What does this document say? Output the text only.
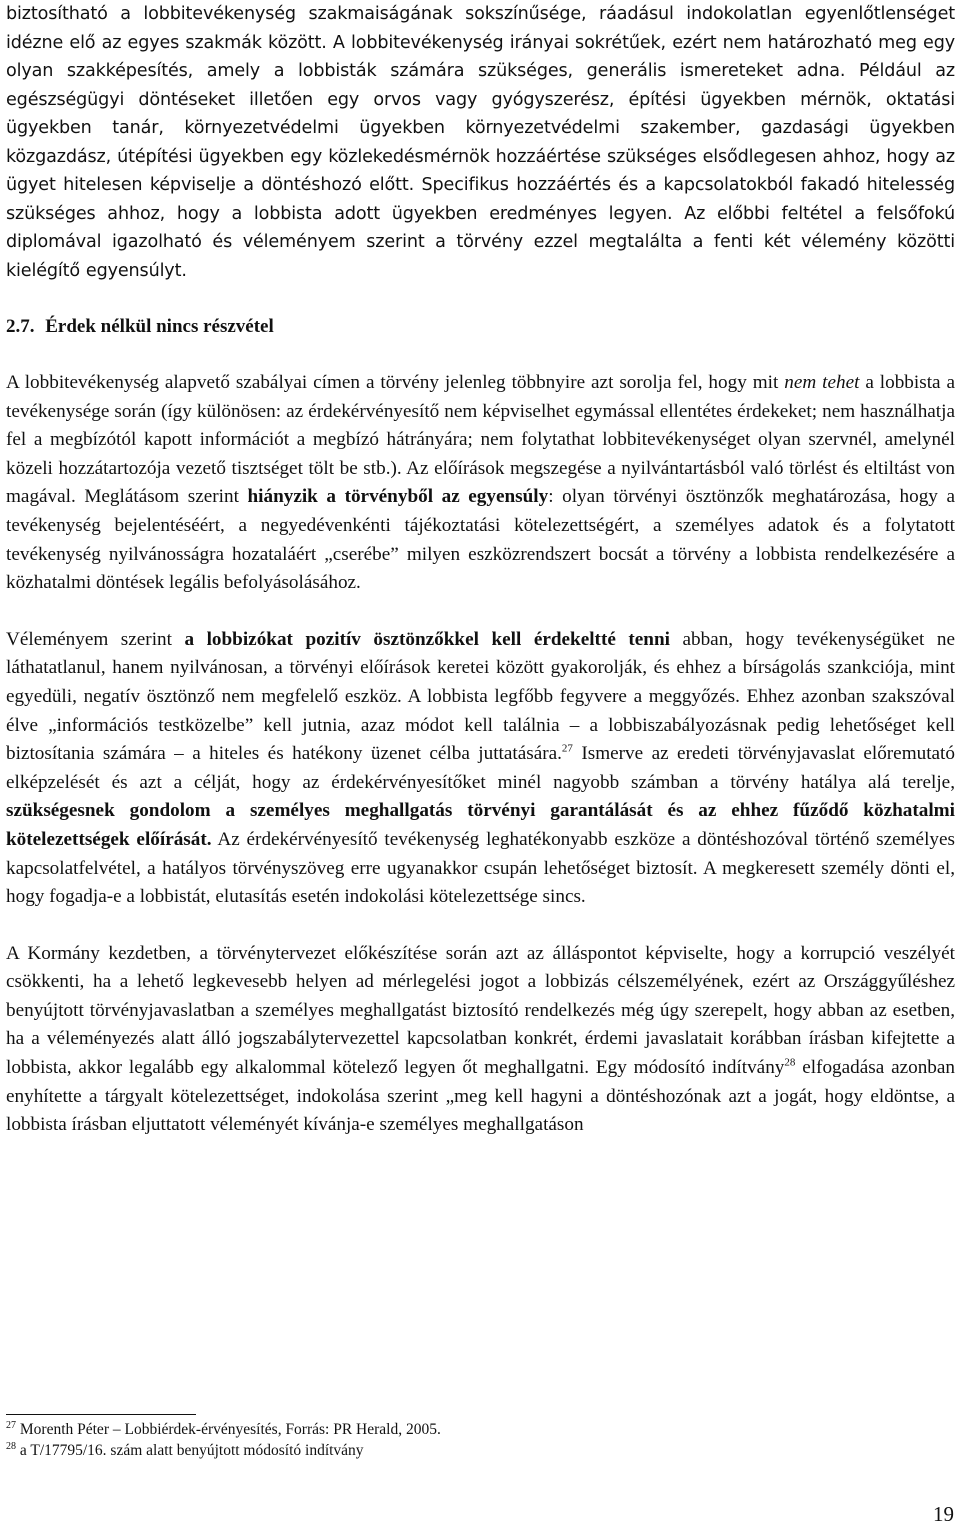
biztosítható a lobbitevékenység szakmaiságának sokszínűsége, ráadásul indokolatlan egyenlőtlenséget idézne elő az egyes szakmák között. A lobbitevékenység irányai sokrétűek, ezért nem határozható meg egy olyan szakképesítés, amely a lobbisták számára szükséges, generális ismereteket adna. Például az egészségügyi döntéseket illetően egy orvos vagy gyógyszerész, építési ügyekben mérnök, oktatási ügyekben tanár, környezetvédelmi ügyekben környezetvédelmi szakember, gazdasági ügyekben közgazdász, útépítési ügyekben egy közlekedésmérnök hozzáértése szükséges elsődlegesen ahhoz, hogy az ügyet hitelesen képviselje a döntéshozó előtt. Specifikus hozzáértés és a kapcsolatokból fakadó hitelesség szükséges ahhoz, hogy a lobbista adott ügyekben eredményes legyen. Az előbbi feltétel a felsőfokú diplomával igazolható és véleményem szerint a törvény ezzel megtalálta a fenti két vélemény közötti kielégítő egyensúlyt.

2.7. Érdek nélkül nincs részvétel

A lobbitevékenység alapvető szabályai címen a törvény jelenleg többnyire azt sorolja fel, hogy mit nem tehet a lobbista a tevékenysége során (így különösen: az érdekérvényesítő nem képviselhet egymással ellentétes érdekeket; nem használhatja fel a megbízótól kapott információt a megbízó hátrányára; nem folytathat lobbitevékenységet olyan szervnél, amelynél közeli hozzátartozója vezető tisztséget tölt be stb.). Az előírások megszegése a nyilvántartásból való törlést és eltiltást von magával. Meglátásom szerint hiányzik a törvényből az egyensúly: olyan törvényi ösztönzők meghatározása, hogy a tevékenység bejelentéséért, a negyedévenkénti tájékoztatási kötelezettségért, a személyes adatok és a folytatott tevékenység nyilvánosságra hozataláért „cserébe” milyen eszközrendszert bocsát a törvény a lobbista rendelkezésére a közhatalmi döntések legális befolyásolásához.

Véleményem szerint a lobbizókat pozitív ösztönzőkkel kell érdekeltté tenni abban, hogy tevékenységüket ne láthatatlanul, hanem nyilvánosan, a törvényi előírások keretei között gyakorolják, és ehhez a bírságolás szankciója, mint egyedüli, negatív ösztönző nem megfelelő eszköz. A lobbista legfőbb fegyvere a meggyőzés. Ehhez azonban szakszóval élve „információs testközelbe” kell jutnia, azaz módot kell találnia – a lobbiszabályozásnak pedig lehetőséget kell biztosítania számára – a hiteles és hatékony üzenet célba juttatására.$^{27}$ Ismerve az eredeti törvényjavaslat előremutató elképzelését és azt a célját, hogy az érdekérvényesítőket minél nagyobb számban a törvény hatálya alá terelje, szükségesnek gondolom a személyes meghallgatás törvényi garantálását és az ehhez fűződő közhatalmi kötelezettségek előírását. Az érdekérvényesítő tevékenység leghatékonyabb eszköze a döntéshozóval történő személyes kapcsolatfelvétel, a hatályos törvényszöveg erre ugyanakkor csupán lehetőséget biztosít. A megkeresett személy dönti el, hogy fogadja-e a lobbistát, elutasítás esetén indokolási kötelezettsége sincs.

A Kormány kezdetben, a törvénytervezet előkészítése során azt az álláspontot képviselte, hogy a korrupció veszélyét csökkenti, ha a lehető legkevesebb helyen ad mérlegelési jogot a lobbizás célszemélyének, ezért az Országgyűléshez benyújtott törvényjavaslatban a személyes meghallgatást biztosító rendelkezés még úgy szerepelt, hogy abban az esetben, ha a véleményezés alatt álló jogszabálytervezettel kapcsolatban konkrét, érdemi javaslatait korábban írásban kifejtette a lobbista, akkor legalább egy alkalommal kötelező legyen őt meghallgatni. Egy módosító indítvány$^{28}$ elfogadása azonban enyhítette a tárgyalt kötelezettséget, indokolása szerint „meg kell hagyni a döntéshozónak azt a jogát, hogy eldöntse, a lobbista írásban eljuttatott véleményét kívánja-e személyes meghallgatáson

$^{27}$ Morenth Péter – Lobbiérdek-érvényesítés, Forrás: PR Herald, 2005.
$^{28}$ a T/17795/16. szám alatt benyújtott módosító indítvány
19
